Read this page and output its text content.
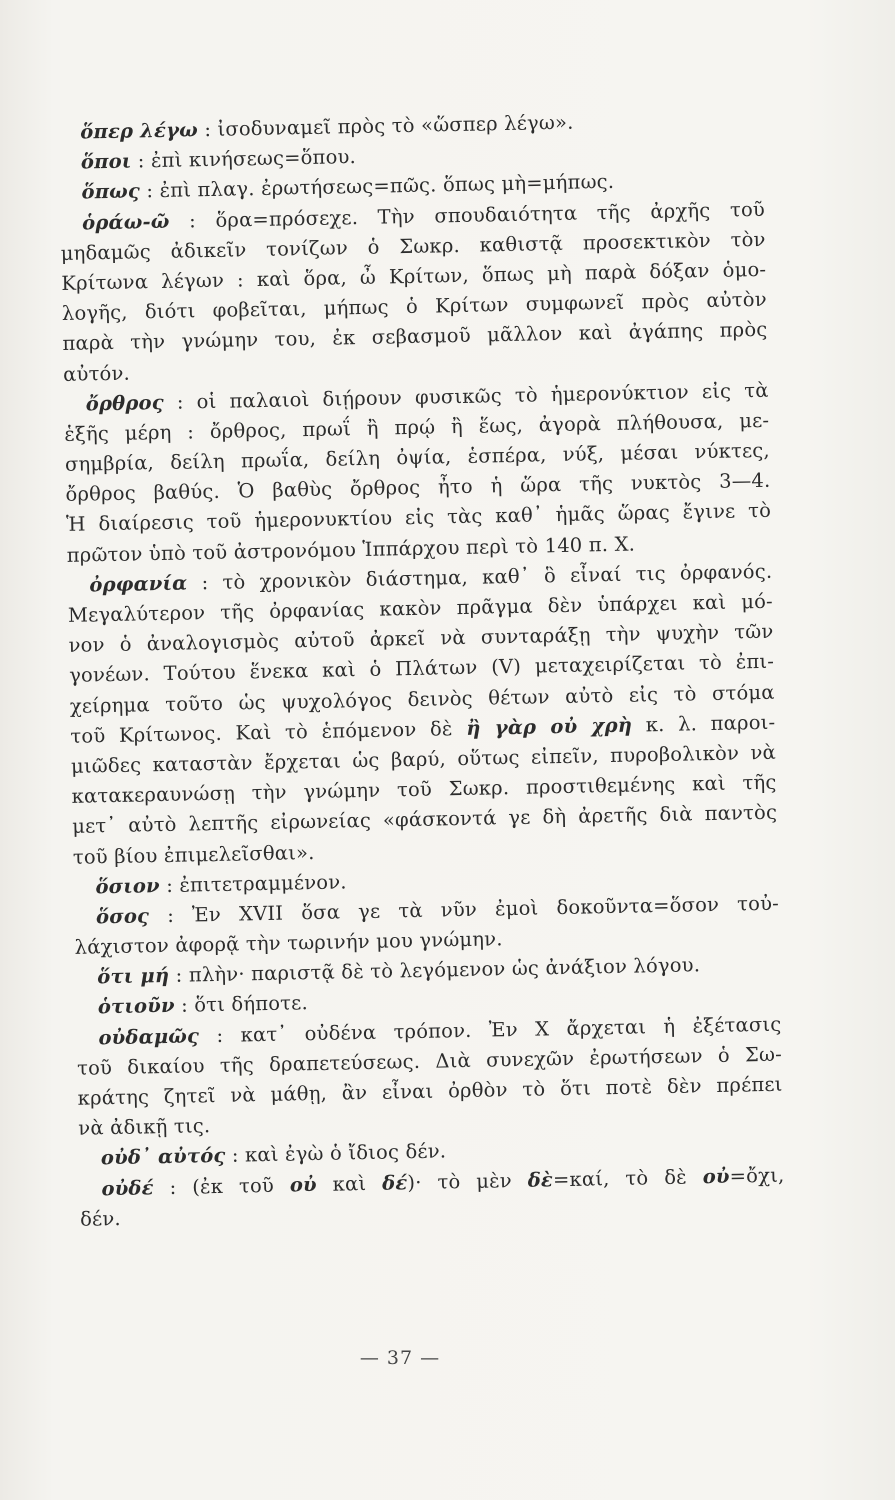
ὅπερ λέγω : ἰσοδυναμεῖ πρὸς τὸ «ὥσπερ λέγω».
ὅποι : ἐπὶ κινήσεως=ὅπου.
ὅπως : ἐπὶ πλαγ. ἐρωτήσεως=πῶς. ὅπως μὴ=μήπως.
ὁράω-ῶ : ὅρα=πρόσεχε. Τὴν σπουδαιότητα τῆς ἀρχῆς τοῦ
μηδαμῶς ἀδικεῖν τονίζων ὁ Σωκρ. καθιστᾷ προσεκτικὸν τὸν
Κρίτωνα λέγων : καὶ ὅρα, ὦ Κρίτων, ὅπως μὴ παρὰ δόξαν ὁμο-
λογῆς, διότι φοβεῖται, μήπως ὁ Κρίτων συμφωνεῖ πρὸς αὐτὸν
παρὰ τὴν γνώμην του, ἐκ σεβασμοῦ μᾶλλον καὶ ἀγάπης πρὸς
αὐτόν.
ὄρθρος : οἱ παλαιοὶ διῄρουν φυσικῶς τὸ ἡμερονύκτιον εἰς τὰ
ἑξῆς μέρη : ὄρθρος, πρωΐ ἢ πρῴ ἢ ἕως, ἀγορὰ πλήθουσα, με-
σημβρία, δείλη πρωΐα, δείλη ὀψία, ἑσπέρα, νύξ, μέσαι νύκτες,
ὄρθρος βαθύς. Ὁ βαθὺς ὄρθρος ἦτο ἡ ὥρα τῆς νυκτὸς 3—4.
Ἡ διαίρεσις τοῦ ἡμερονυκτίου εἰς τὰς καθ᾽ ἡμᾶς ὥρας ἔγινε τὸ
πρῶτον ὑπὸ τοῦ ἀστρονόμου Ἱππάρχου περὶ τὸ 140 π. Χ.
ὀρφανία : τὸ χρονικὸν διάστημα, καθ᾽ ὃ εἶναί τις ὀρφανός.
Μεγαλύτερον τῆς ὀρφανίας κακὸν πρᾶγμα δὲν ὑπάρχει καὶ μό-
νον ὁ ἀναλογισμὸς αὐτοῦ ἀρκεῖ νὰ συνταράξῃ τὴν ψυχὴν τῶν
γονέων. Τούτου ἕνεκα καὶ ὁ Πλάτων (V) μεταχειρίζεται τὸ ἐπι-
χείρημα τοῦτο ὡς ψυχολόγος δεινὸς θέτων αὐτὸ εἰς τὸ στόμα
τοῦ Κρίτωνος. Καὶ τὸ ἑπόμενον δὲ ἢ γὰρ οὐ χρὴ κ. λ. παροι-
μιῶδες καταστὰν ἔρχεται ὡς βαρύ, οὕτως εἰπεῖν, πυροβολικὸν νὰ
κατακεραυνώσῃ τὴν γνώμην τοῦ Σωκρ. προστιθεμένης καὶ τῆς
μετ᾽ αὐτὸ λεπτῆς εἰρωνείας «φάσκοντά γε δὴ ἀρετῆς διὰ παντὸς
τοῦ βίου ἐπιμελεῖσθαι».
ὅσιον : ἐπιτετραμμένον.
ὅσος : Ἐν XVII ὅσα γε τὰ νῦν ἐμοὶ δοκοῦντα=ὅσον τοὐ-
λάχιστον ἀφορᾷ τὴν τωρινήν μου γνώμην.
ὅτι μή : πλὴν· παριστᾷ δὲ τὸ λεγόμενον ὡς ἀνάξιον λόγου.
ὁτιοῦν : ὅτι δήποτε.
οὐδαμῶς : κατ᾽ οὐδένα τρόπον. Ἐν X ἄρχεται ἡ ἐξέτασις
τοῦ δικαίου τῆς δραπετεύσεως. Διὰ συνεχῶν ἐρωτήσεων ὁ Σω-
κράτης ζητεῖ νὰ μάθῃ, ἂν εἶναι ὀρθὸν τὸ ὅτι ποτὲ δὲν πρέπει
νὰ ἀδικῇ τις.
οὐδ᾽ αὐτός : καὶ ἐγὼ ὁ ἴδιος δέν.
οὐδέ : (ἐκ τοῦ οὐ καὶ δέ)· τὸ μὲν δὲ=καί, τὸ δὲ οὐ=ὄχι,
δέν.
— 37 —
